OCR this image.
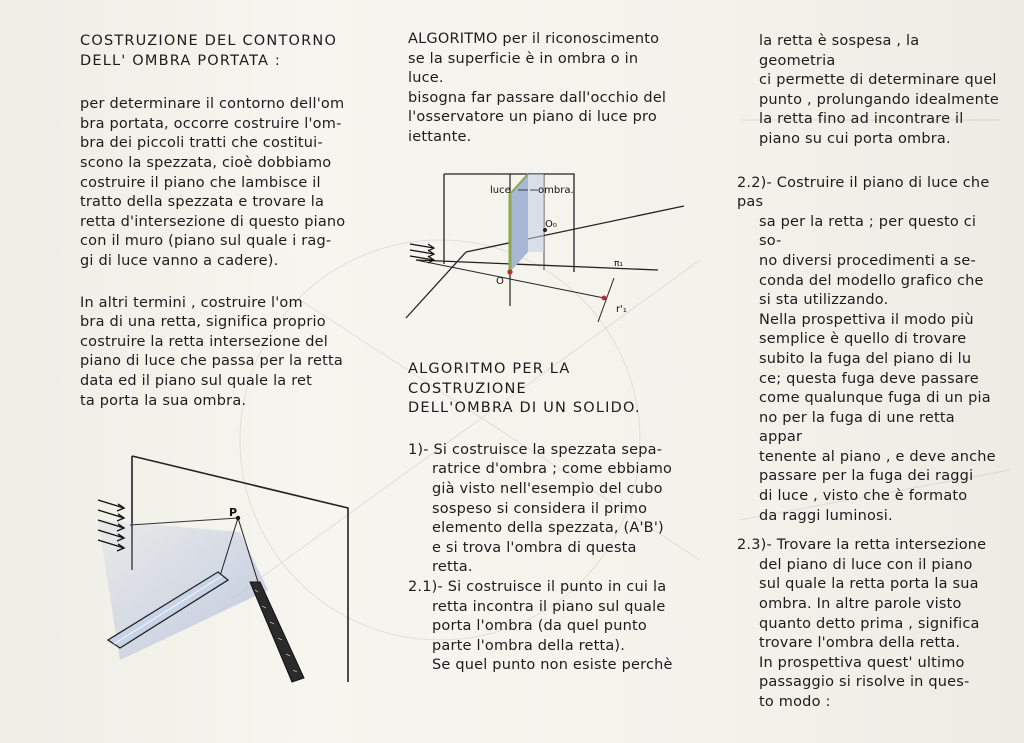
COSTRUZIONE DEL CONTORNO

DELL' OMBRA PORTATA :

per determinare il contorno dell'om

bra portata, occorre costruire l'om-

bra dei piccoli tratti che costitui-

scono la spezzata, cioè dobbiamo

costruire il piano che lambisce il

tratto della spezzata e trovare la

retta d'intersezione di questo piano

con il muro (piano sul quale i rag-

gi di luce vanno a cadere).

In altri termini , costruire l'om

bra di una retta, significa proprio

costruire la retta intersezione del

piano di luce che passa per la retta

data ed il piano sul quale la ret

ta porta la sua ombra.

P

ALGORITMO per il riconoscimento

se la superficie è in ombra o in

luce.

bisogna far passare dall'occhio del

l'osservatore un piano di luce pro

iettante.

luce	ombra.
O₀
O
π₁
r'₁

ALGORITMO PER LA COSTRUZIONE

DELL'OMBRA DI UN SOLIDO.

1)- Si costruisce la spezzata sepa-

ratrice d'ombra ; come ebbiamo

già visto nell'esempio del cubo

sospeso si considera il primo

elemento della spezzata, (A'B')

e si trova l'ombra di questa

retta.

2.1)- Si costruisce il punto in cui la

retta incontra il piano sul quale

porta l'ombra (da quel punto

parte l'ombra della retta).

Se quel punto non esiste perchè

la retta è sospesa , la geometria

ci permette di determinare quel

punto , prolungando idealmente

la retta fino ad incontrare il

piano su cui porta ombra.

2.2)- Costruire il piano di luce che pas

sa per la retta ; per questo ci so-

no diversi procedimenti a se-

conda del modello grafico che

si sta utilizzando.

Nella prospettiva il modo più

semplice è quello di trovare

subito la fuga del piano di lu

ce; questa fuga deve passare

come qualunque fuga di un pia

no per la fuga di une retta appar

tenente al piano , e deve anche

passare per la fuga dei raggi

di luce , visto che è formato

da raggi luminosi.

2.3)- Trovare la retta intersezione

del piano di luce con il piano

sul quale la retta porta la sua

ombra. In altre parole visto

quanto detto prima , significa

trovare l'ombra della retta.

In prospettiva quest' ultimo

passaggio si risolve in ques-

to modo :
